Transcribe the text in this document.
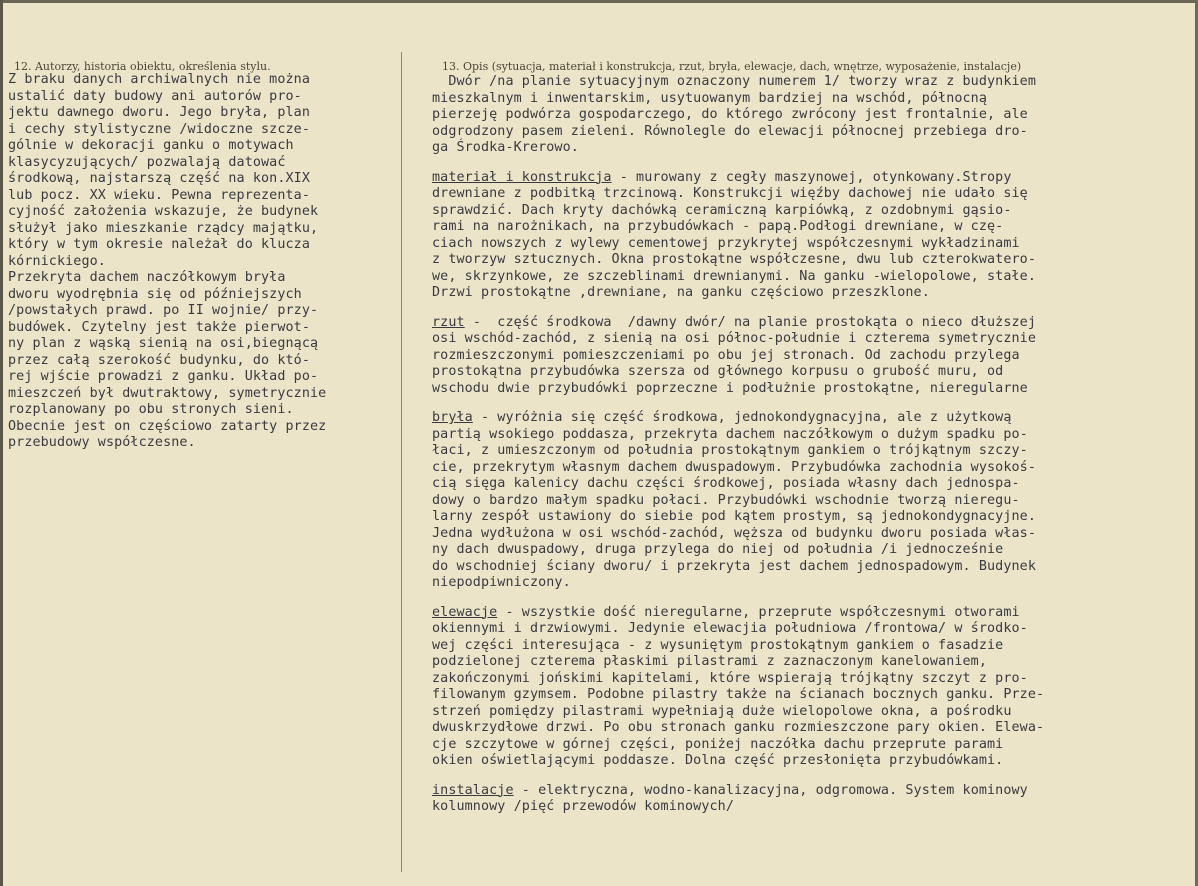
12. Autorzy, historia obiektu, określenia stylu.	13. Opis (sytuacja, materiał i konstrukcja, rzut, bryła, elewacje, dach, wnętrze, wyposażenie, instalacje)
Z braku danych archiwalnych nie można
ustalić daty budowy ani autorów pro-
jektu dawnego dworu. Jego bryła, plan
i cechy stylistyczne /widoczne szcze-
gólnie w dekoracji ganku o motywach
klasycyzujących/ pozwalają datować
środkową, najstarszą część na kon.XIX
lub pocz. XX wieku. Pewna reprezenta-
cyjność założenia wskazuje, że budynek
służył jako mieszkanie rządcy majątku,
który w tym okresie należał do klucza
kórnickiego.
Przekryta dachem naczółkowym bryła
dworu wyodrębnia się od późniejszych
/powstałych prawd. po II wojnie/ przy-
budówek. Czytelny jest także pierwot-
ny plan z wąską sienią na osi,biegnącą
przez całą szerokość budynku, do któ-
rej wjście prowadzi z ganku. Układ po-
mieszczeń był dwutraktowy, symetrycznie
rozplanowany po obu stronych sieni.
Obecnie jest on częściowo zatarty przez
przebudowy współczesne.
Dwór /na planie sytuacyjnym oznaczony numerem 1/ tworzy wraz z budynkiem
mieszkalnym i inwentarskim, usytuowanym bardziej na wschód, północną
pierzeję podwórza gospodarczego, do którego zwrócony jest frontalnie, ale
odgrodzony pasem zieleni. Równolegle do elewacji północnej przebiega dro-
ga Środka-Krerowo.
materiał i konstrukcja - murowany z cegły maszynowej, otynkowany.Stropy
drewniane z podbitką trzcinową. Konstrukcji więźby dachowej nie udało się
sprawdzić. Dach kryty dachówką ceramiczną karpiówką, z ozdobnymi gąsio-
rami na narożnikach, na przybudówkach - papą.Podłogi drewniane, w czę-
ciach nowszych z wylewy cementowej przykrytej współczesnymi wykładzinami
z tworzyw sztucznych. Okna prostokątne współczesne, dwu lub czterokwatero-
we, skrzynkowe, ze szczeblinami drewnianymi. Na ganku -wielopolowe, stałe.
Drzwi prostokątne ,drewniane, na ganku częściowo przeszklone.
rzut -  część środkowa  /dawny dwór/ na planie prostokąta o nieco dłuższej
osi wschód-zachód, z sienią na osi północ-południe i czterema symetrycznie
rozmieszczonymi pomieszczeniami po obu jej stronach. Od zachodu przylega
prostokątna przybudówka szersza od głównego korpusu o grubość muru, od
wschodu dwie przybudówki poprzeczne i podłużnie prostokątne, nieregularne
bryła - wyróżnia się część środkowa, jednokondygnacyjna, ale z użytkową
partią wsokiego poddasza, przekryta dachem naczółkowym o dużym spadku po-
łaci, z umieszczonym od południa prostokątnym gankiem o trójkątnym szczy-
cie, przekrytym własnym dachem dwuspadowym. Przybudówka zachodnia wysokoś-
cią sięga kalenicy dachu części środkowej, posiada własny dach jednospa-
dowy o bardzo małym spadku połaci. Przybudówki wschodnie tworzą nieregu-
larny zespół ustawiony do siebie pod kątem prostym, są jednokondygnacyjne.
Jedna wydłużona w osi wschód-zachód, węższa od budynku dworu posiada włas-
ny dach dwuspadowy, druga przylega do niej od południa /i jednocześnie
do wschodniej ściany dworu/ i przekryta jest dachem jednospadowym. Budynek
niepodpiwniczony.
elewacje - wszystkie dość nieregularne, przeprute współczesnymi otworami
okiennymi i drzwiowymi. Jedynie elewacjia południowa /frontowa/ w środko-
wej części interesująca - z wysuniętym prostokątnym gankiem o fasadzie
podzielonej czterema płaskimi pilastrami z zaznaczonym kanelowaniem,
zakończonymi jońskimi kapitelami, które wspierają trójkątny szczyt z pro-
filowanym gzymsem. Podobne pilastry także na ścianach bocznych ganku. Prze-
strzeń pomiędzy pilastrami wypełniają duże wielopolowe okna, a pośrodku
dwuskrzydłowe drzwi. Po obu stronach ganku rozmieszczone pary okien. Elewa-
cje szczytowe w górnej części, poniżej naczółka dachu przeprute parami
okien oświetlającymi poddasze. Dolna część przesłonięta przybudówkami.
instalacje - elektryczna, wodno-kanalizacyjna, odgromowa. System kominowy
kolumnowy /pięć przewodów kominowych/
